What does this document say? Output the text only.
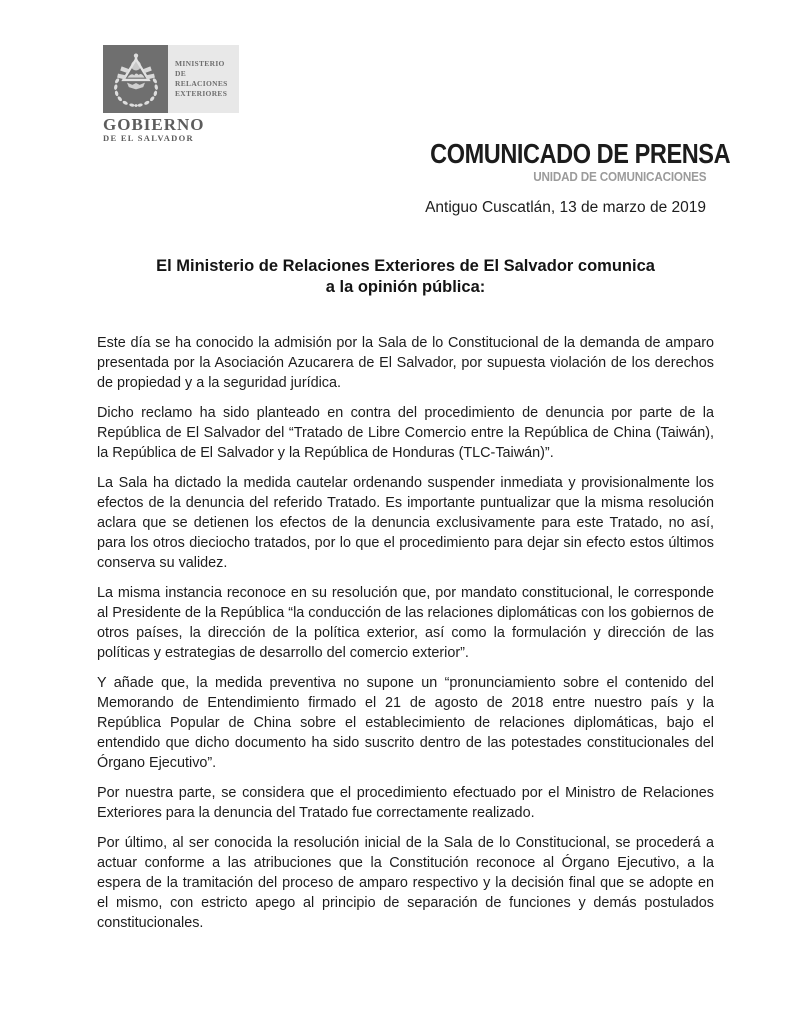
MINISTERIO
DE RELACIONES
EXTERIORES
GOBIERNO
DE EL SALVADOR	COMUNICADO DE PRENSA
UNIDAD DE COMUNICACIONES
Antiguo Cuscatlán, 13 de marzo de 2019
El Ministerio de Relaciones Exteriores de El Salvador comunica
a la opinión pública:

Este día se ha conocido la admisión por la Sala de lo Constitucional de la demanda de amparo presentada por la Asociación Azucarera de El Salvador, por supuesta violación de los derechos de propiedad y a la seguridad jurídica.

Dicho reclamo ha sido planteado en contra del procedimiento de denuncia por parte de la República de El Salvador del “Tratado de Libre Comercio entre la República de China (Taiwán), la República de El Salvador y la República de Honduras (TLC-Taiwán)”.

La Sala ha dictado la medida cautelar ordenando suspender inmediata y provisionalmente los efectos de la denuncia del referido Tratado. Es importante puntualizar que la misma resolución aclara que se detienen los efectos de la denuncia exclusivamente para este Tratado, no así, para los otros dieciocho tratados, por lo que el procedimiento para dejar sin efecto estos últimos conserva su validez.

La misma instancia reconoce en su resolución que, por mandato constitucional, le corresponde al Presidente de la República “la conducción de las relaciones diplomáticas con los gobiernos de otros países, la dirección de la política exterior, así como la formulación y dirección de las políticas y estrategias de desarrollo del comercio exterior”.

Y añade que, la medida preventiva no supone un “pronunciamiento sobre el contenido del Memorando de Entendimiento firmado el 21 de agosto de 2018 entre nuestro país y la República Popular de China sobre el establecimiento de relaciones diplomáticas, bajo el entendido que dicho documento ha sido suscrito dentro de las potestades constitucionales del Órgano Ejecutivo”.

Por nuestra parte, se considera que el procedimiento efectuado por el Ministro de Relaciones Exteriores para la denuncia del Tratado fue correctamente realizado.

Por último, al ser conocida la resolución inicial de la Sala de lo Constitucional, se procederá a actuar conforme a las atribuciones que la Constitución reconoce al Órgano Ejecutivo, a la espera de la tramitación del proceso de amparo respectivo y la decisión final que se adopte en el mismo, con estricto apego al principio de separación de funciones y demás postulados constitucionales.
